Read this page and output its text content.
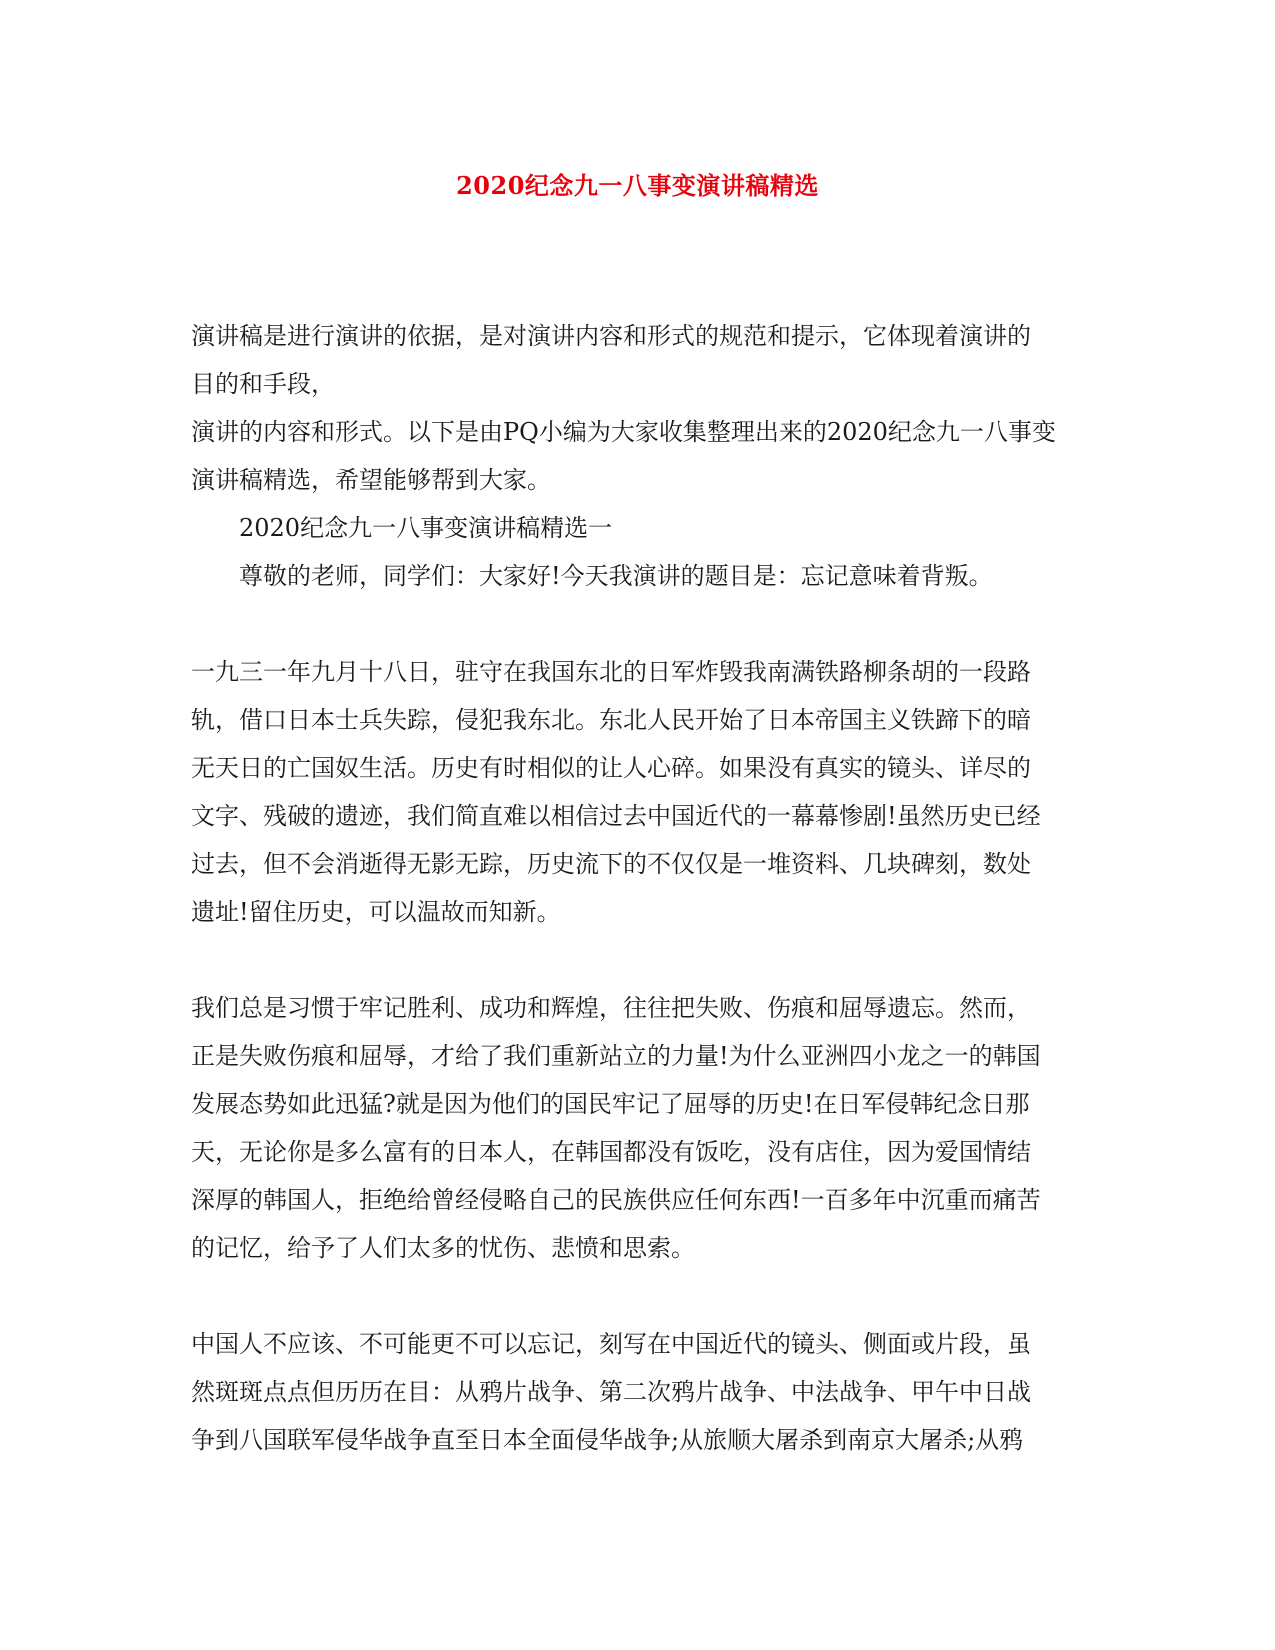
2020纪念九一八事变演讲稿精选
演讲稿是进行演讲的依据，是对演讲内容和形式的规范和提示，它体现着演讲的
目的和手段，
演讲的内容和形式。以下是由PQ小编为大家收集整理出来的2020纪念九一八事变
演讲稿精选，希望能够帮到大家。
2020纪念九一八事变演讲稿精选一
尊敬的老师，同学们：大家好!今天我演讲的题目是：忘记意味着背叛。
一九三一年九月十八日，驻守在我国东北的日军炸毁我南满铁路柳条胡的一段路
轨，借口日本士兵失踪，侵犯我东北。东北人民开始了日本帝国主义铁蹄下的暗
无天日的亡国奴生活。历史有时相似的让人心碎。如果没有真实的镜头、详尽的
文字、残破的遗迹，我们简直难以相信过去中国近代的一幕幕惨剧!虽然历史已经
过去，但不会消逝得无影无踪，历史流下的不仅仅是一堆资料、几块碑刻，数处
遗址!留住历史，可以温故而知新。
我们总是习惯于牢记胜利、成功和辉煌，往往把失败、伤痕和屈辱遗忘。然而，
正是失败伤痕和屈辱，才给了我们重新站立的力量!为什么亚洲四小龙之一的韩国
发展态势如此迅猛?就是因为他们的国民牢记了屈辱的历史!在日军侵韩纪念日那
天，无论你是多么富有的日本人，在韩国都没有饭吃，没有店住，因为爱国情结
深厚的韩国人，拒绝给曾经侵略自己的民族供应任何东西!一百多年中沉重而痛苦
的记忆，给予了人们太多的忧伤、悲愤和思索。
中国人不应该、不可能更不可以忘记，刻写在中国近代的镜头、侧面或片段，虽
然斑斑点点但历历在目：从鸦片战争、第二次鸦片战争、中法战争、甲午中日战
争到八国联军侵华战争直至日本全面侵华战争;从旅顺大屠杀到南京大屠杀;从鸦
